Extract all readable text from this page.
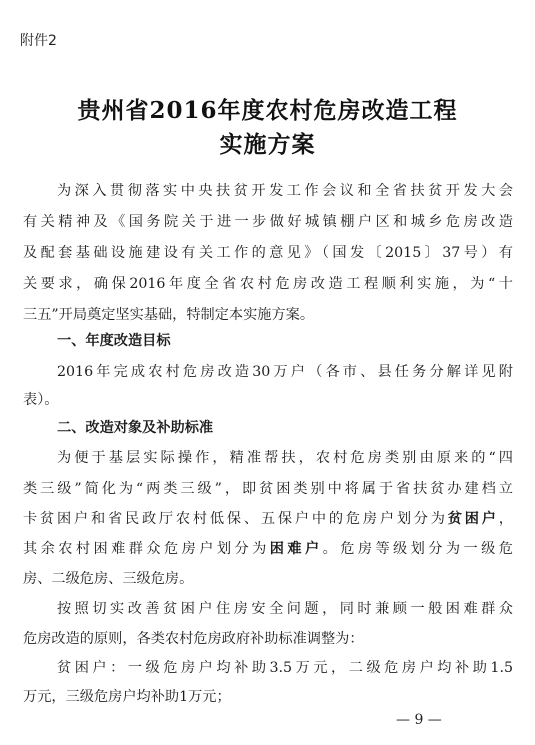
附件2
贵州省2016年度农村危房改造工程
实施方案
为深入贯彻落实中央扶贫开发工作会议和全省扶贫开发大会
有关精神及《国务院关于进一步做好城镇棚户区和城乡危房改造
及配套基础设施建设有关工作的意见》（国发〔2015〕37号）有
关要求，确保2016年度全省农村危房改造工程顺利实施，为“十
三五”开局奠定坚实基础，特制定本实施方案。
一、年度改造目标
2016年完成农村危房改造30万户（各市、县任务分解详见附
表）。
二、改造对象及补助标准
为便于基层实际操作，精准帮扶，农村危房类别由原来的“四
类三级”简化为“两类三级”，即贫困类别中将属于省扶贫办建档立
卡贫困户和省民政厅农村低保、五保户中的危房户划分为贫困户，
其余农村困难群众危房户划分为困难户。危房等级划分为一级危
房、二级危房、三级危房。
按照切实改善贫困户住房安全问题，同时兼顾一般困难群众
危房改造的原则，各类农村危房政府补助标准调整为：
贫困户：一级危房户均补助3.5万元，二级危房户均补助1.5
万元，三级危房户均补助1万元；
— 9 —
